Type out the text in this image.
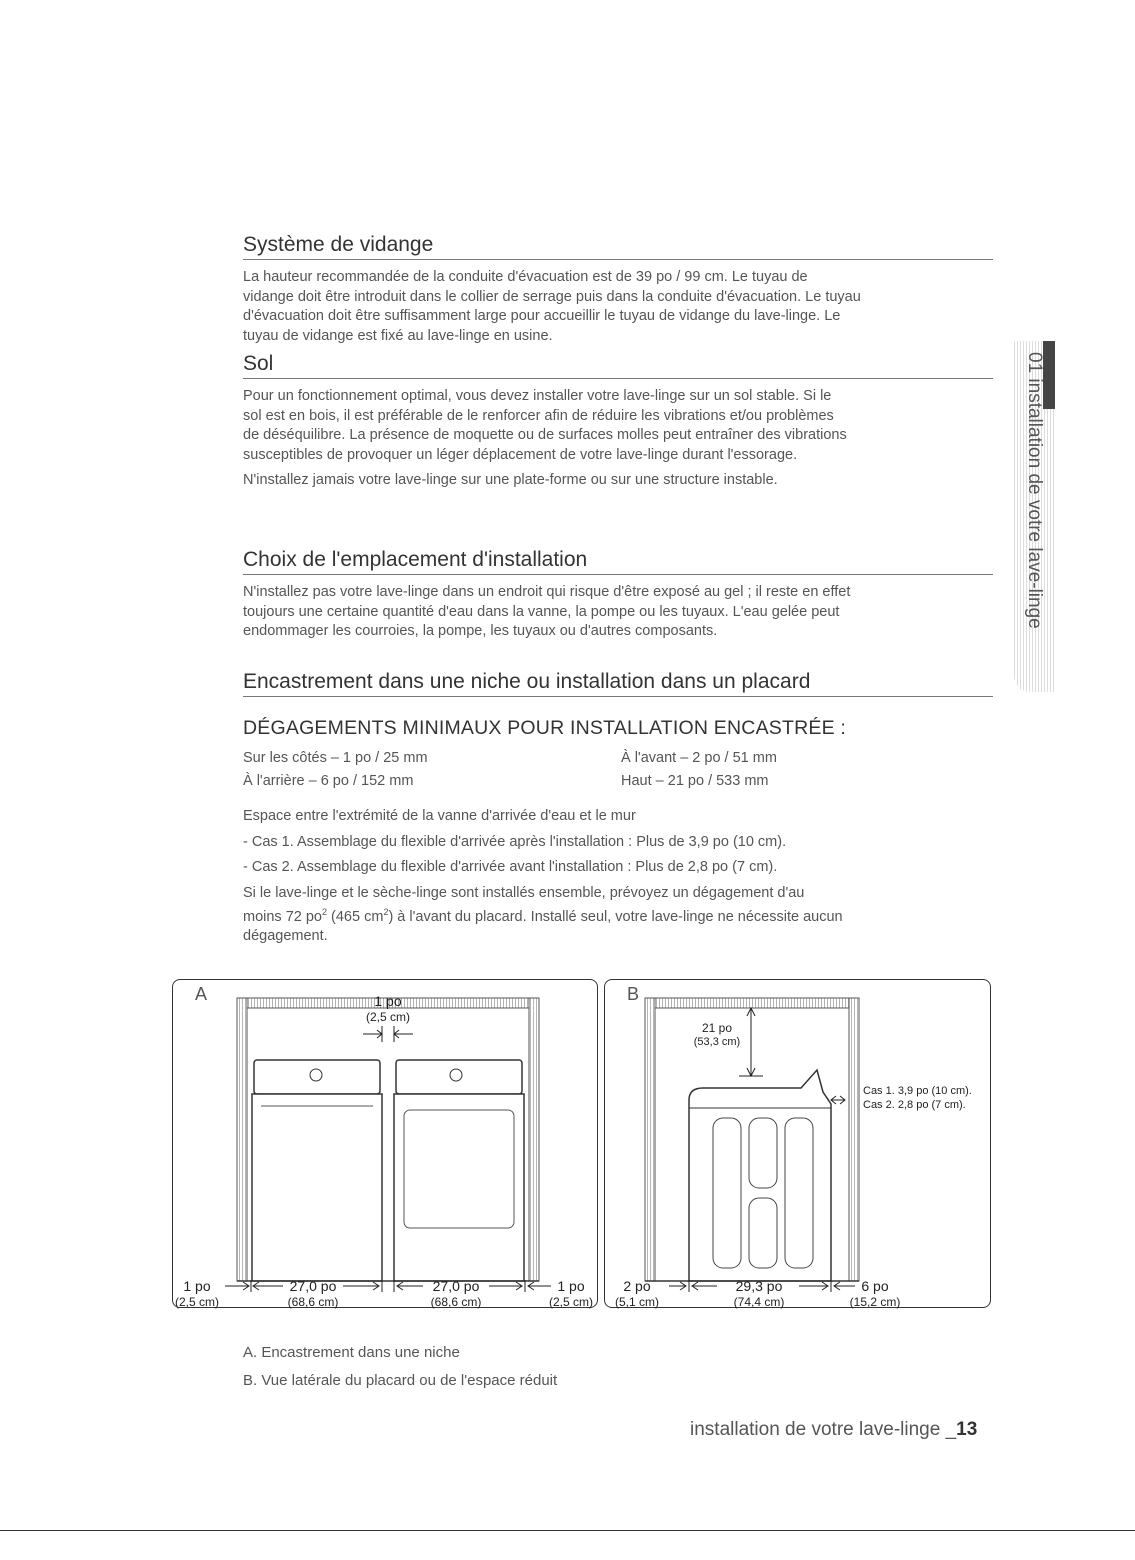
Système de vidange
La hauteur recommandée de la conduite d'évacuation est de 39 po / 99 cm. Le tuyau de
vidange doit être introduit dans le collier de serrage puis dans la conduite d'évacuation. Le tuyau
d'évacuation doit être suffisamment large pour accueillir le tuyau de vidange du lave-linge. Le
tuyau de vidange est fixé au lave-linge en usine.
Sol
Pour un fonctionnement optimal, vous devez installer votre lave-linge sur un sol stable. Si le
sol est en bois, il est préférable de le renforcer afin de réduire les vibrations et/ou problèmes
de déséquilibre. La présence de moquette ou de surfaces molles peut entraîner des vibrations
susceptibles de provoquer un léger déplacement de votre lave-linge durant l'essorage.
N'installez jamais votre lave-linge sur une plate-forme ou sur une structure instable.
Choix de l'emplacement d'installation
N'installez pas votre lave-linge dans un endroit qui risque d'être exposé au gel ; il reste en effet
toujours une certaine quantité d'eau dans la vanne, la pompe ou les tuyaux. L'eau gelée peut
endommager les courroies, la pompe, les tuyaux ou d'autres composants.
Encastrement dans une niche ou installation dans un placard
DÉGAGEMENTS MINIMAUX POUR INSTALLATION ENCASTRÉE :
Sur les côtés – 1 po / 25 mm	À l'avant – 2 po / 51 mm
À l'arrière – 6 po / 152 mm	Haut – 21 po / 533 mm
Espace entre l'extrémité de la vanne d'arrivée d'eau et le mur
- Cas 1. Assemblage du flexible d'arrivée après l'installation : Plus de 3,9 po (10 cm).
- Cas 2. Assemblage du flexible d'arrivée avant l'installation : Plus de 2,8 po (7 cm).
Si le lave-linge et le sèche-linge sont installés ensemble, prévoyez un dégagement d'au
moins 72 $po^2$ (465 $cm^2$) à l'avant du placard. Installé seul, votre lave-linge ne nécessite aucun
dégagement.
01 installation de votre lave-linge
A	1 po
(2,5 cm)
1 po
(2,5 cm)
27,0 po
(68,6 cm)
27,0 po
(68,6 cm)
1 po
(2,5 cm)
B
21 po
(53,3 cm)
Cas 1. 3,9 po (10 cm).
Cas 2. 2,8 po (7 cm).
2 po
(5,1 cm)
29,3 po
(74,4 cm)
6 po
(15,2 cm)
A. Encastrement dans une niche
B. Vue latérale du placard ou de l'espace réduit
installation de votre lave-linge _13
